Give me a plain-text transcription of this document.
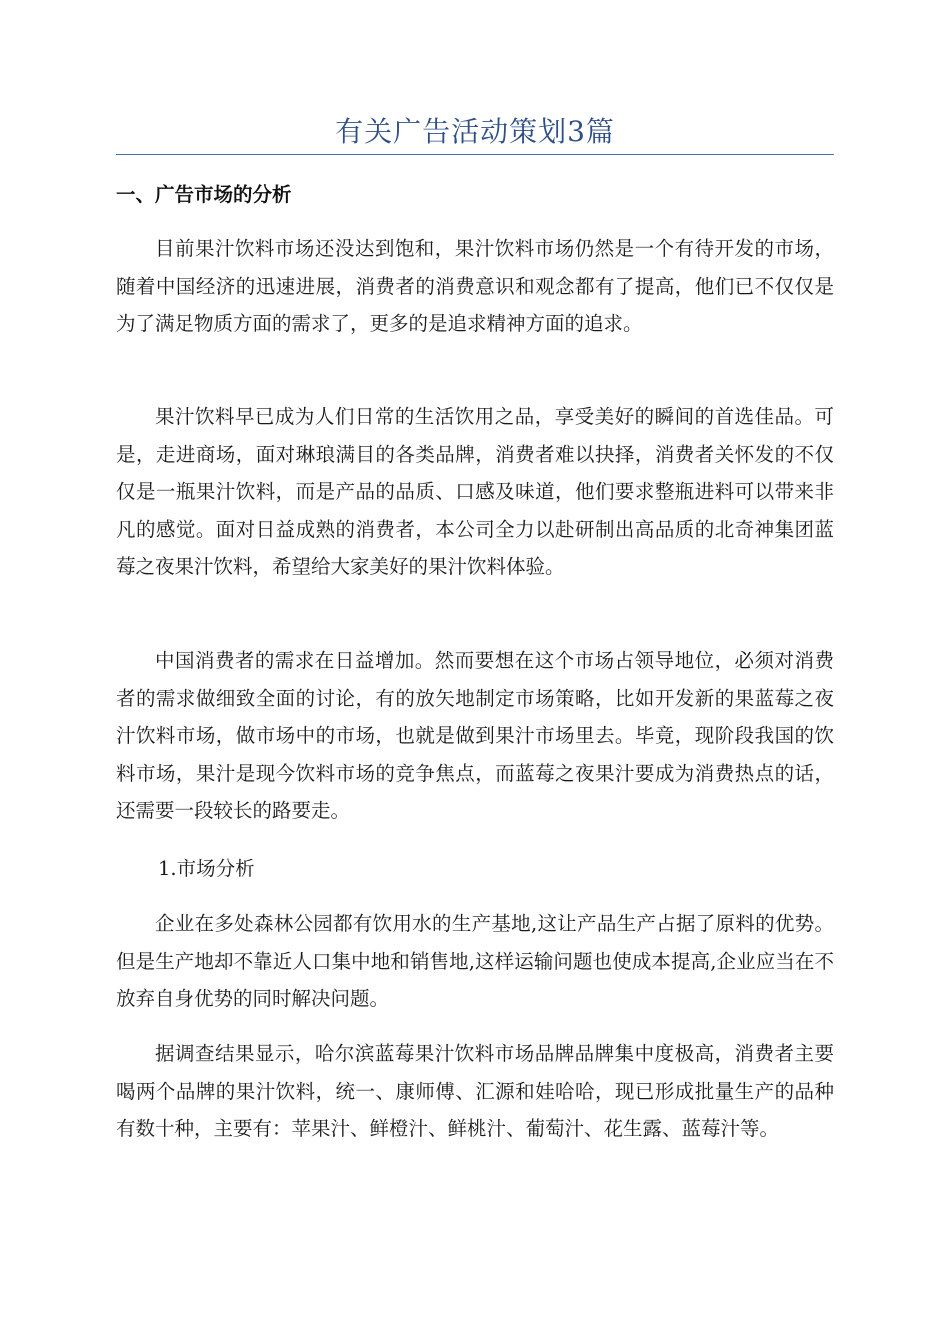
有关广告活动策划3篇
一、广告市场的分析

目前果汁饮料市场还没达到饱和，果汁饮料市场仍然是一个有待开发的市场，随着中国经济的迅速进展，消费者的消费意识和观念都有了提高，他们已不仅仅是为了满足物质方面的需求了，更多的是追求精神方面的追求。

果汁饮料早已成为人们日常的生活饮用之品，享受美好的瞬间的首选佳品。可是，走进商场，面对琳琅满目的各类品牌，消费者难以抉择，消费者关怀发的不仅仅是一瓶果汁饮料，而是产品的品质、口感及味道，他们要求整瓶进料可以带来非凡的感觉。面对日益成熟的消费者，本公司全力以赴研制出高品质的北奇神集团蓝莓之夜果汁饮料，希望给大家美好的果汁饮料体验。

中国消费者的需求在日益增加。然而要想在这个市场占领导地位，必须对消费者的需求做细致全面的讨论，有的放矢地制定市场策略，比如开发新的果蓝莓之夜汁饮料市场，做市场中的市场，也就是做到果汁市场里去。毕竟，现阶段我国的饮料市场，果汁是现今饮料市场的竞争焦点，而蓝莓之夜果汁要成为消费热点的话，还需要一段较长的路要走。

1.市场分析

企业在多处森林公园都有饮用水的生产基地,这让产品生产占据了原料的优势。但是生产地却不靠近人口集中地和销售地,这样运输问题也使成本提高,企业应当在不放弃自身优势的同时解决问题。

据调查结果显示，哈尔滨蓝莓果汁饮料市场品牌品牌集中度极高，消费者主要喝两个品牌的果汁饮料，统一、康师傅、汇源和娃哈哈，现已形成批量生产的品种有数十种，主要有：苹果汁、鲜橙汁、鲜桃汁、葡萄汁、花生露、蓝莓汁等。
